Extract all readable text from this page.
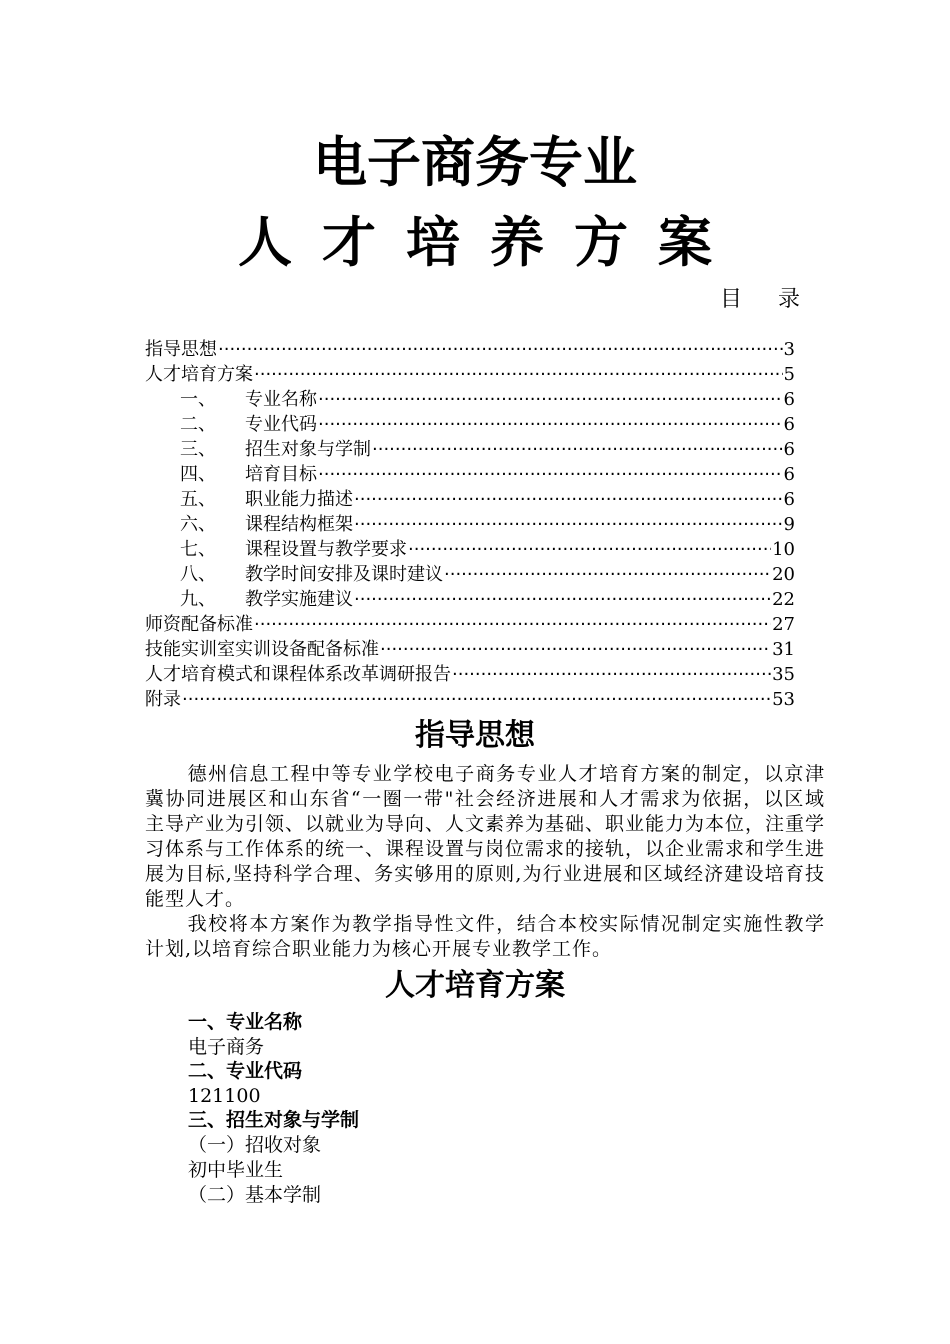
电子商务专业
人才培养方案
目录
指导思想 ·····	3
人才培育方案 ·····	5
一、	专业名称 ·····	6
二、	专业代码 ·····	6
三、	招生对象与学制 ·····	6
四、	培育目标 ·····	6
五、	职业能力描述 ·····	6
六、	课程结构框架 ·····	9
七、	课程设置与教学要求 ·····	10
八、	教学时间安排及课时建议 ·····	20
九、	教学实施建议 ·····	22
师资配备标准 ·····	27
技能实训室实训设备配备标准 ·····	31
人才培育模式和课程体系改革调研报告 ·····	35
附录 ·····	53
指导思想
德州信息工程中等专业学校电子商务专业人才培育方案的制定，以京津冀协同进展区和山东省“一圈一带"社会经济进展和人才需求为依据，以区域主导产业为引领、以就业为导向、人文素养为基础、职业能力为本位，注重学习体系与工作体系的统一、课程设置与岗位需求的接轨，以企业需求和学生进展为目标,坚持科学合理、务实够用的原则,为行业进展和区域经济建设培育技能型人才。
我校将本方案作为教学指导性文件，结合本校实际情况制定实施性教学计划,以培育综合职业能力为核心开展专业教学工作。
人才培育方案
一、专业名称
电子商务
二、专业代码
121100
三、招生对象与学制
（一）招收对象
初中毕业生
（二）基本学制
